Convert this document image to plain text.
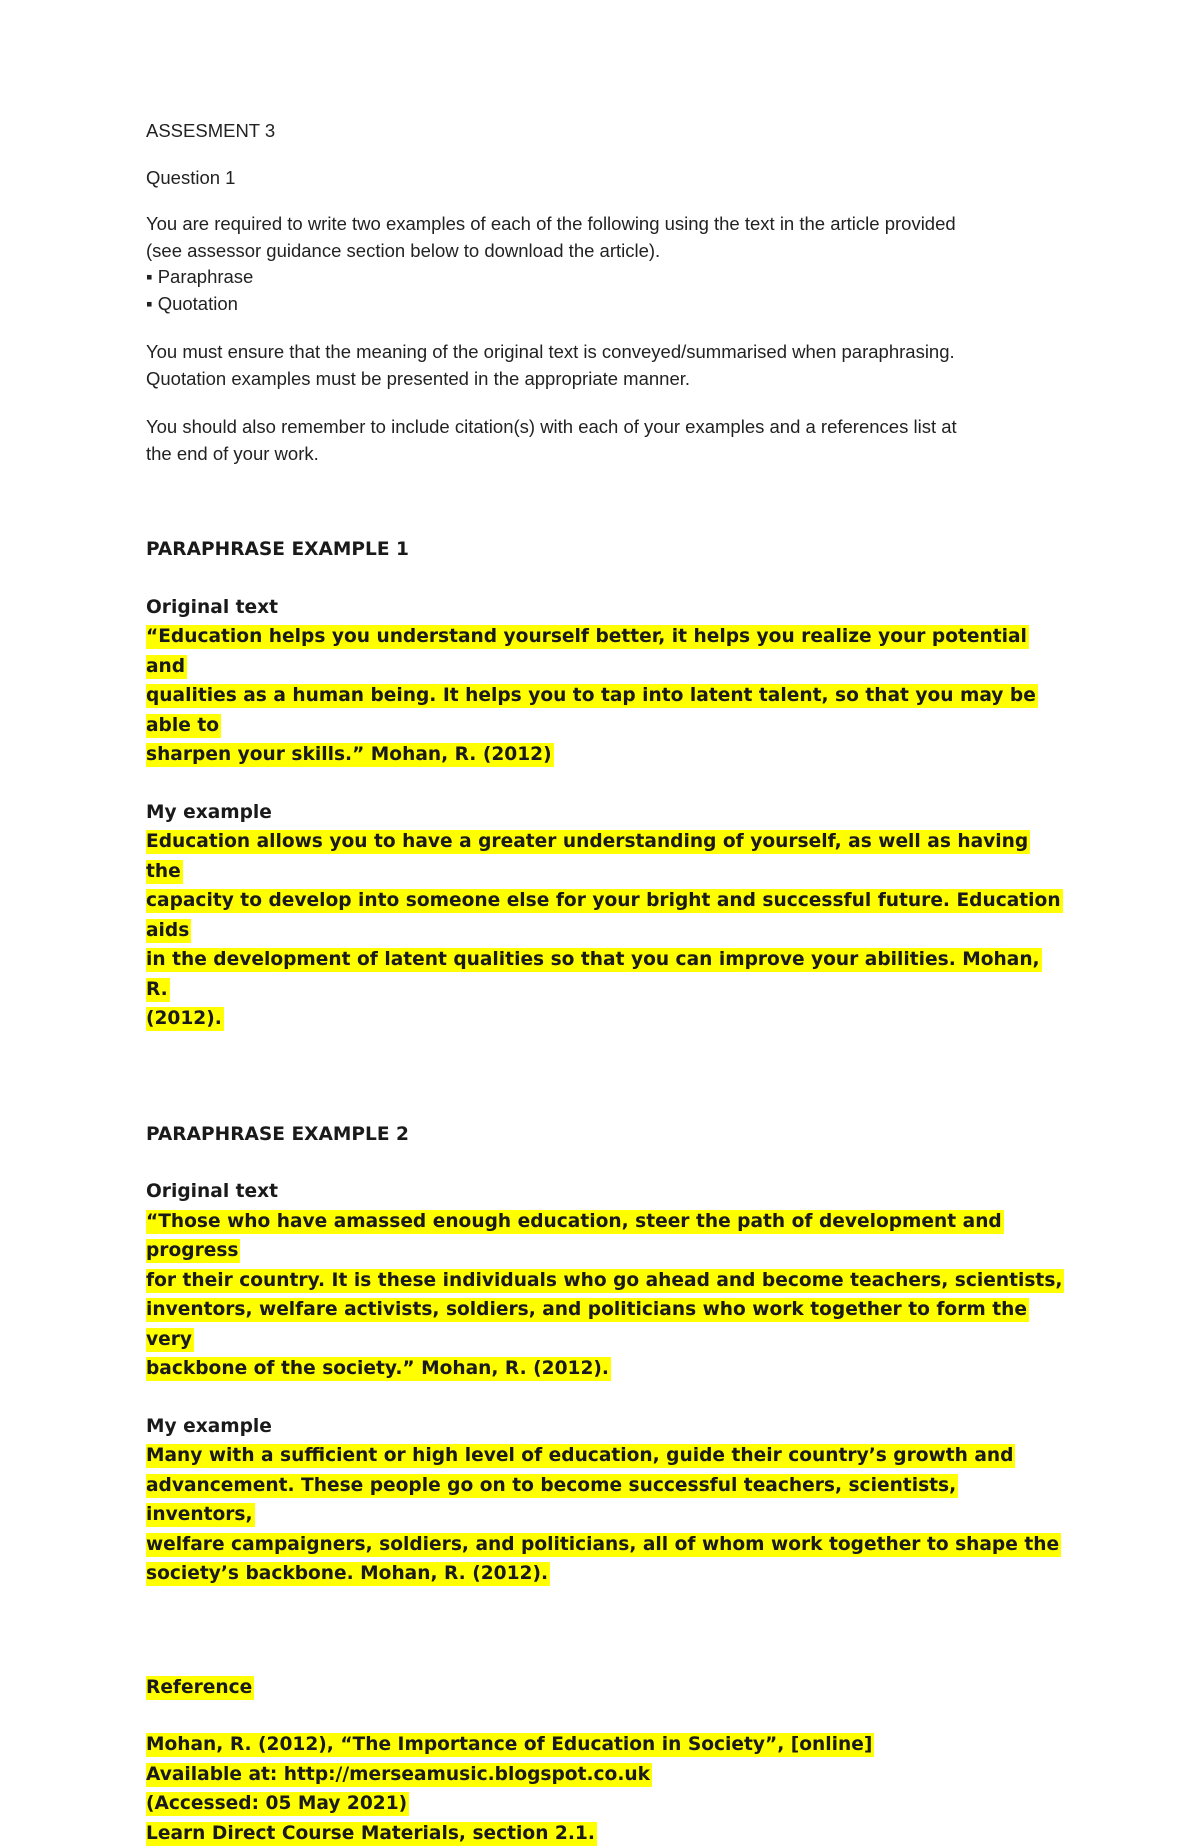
ASSESMENT 3

Question 1

You are required to write two examples of each of the following using the text in the article provided

(see assessor guidance section below to download the article).

▪ Paraphrase

▪ Quotation

You must ensure that the meaning of the original text is conveyed/summarised when paraphrasing.

Quotation examples must be presented in the appropriate manner.

You should also remember to include citation(s) with each of your examples and a references list at

the end of your work.

PARAPHRASE EXAMPLE 1

Original text

“Education helps you understand yourself better, it helps you realize your potential and
qualities as a human being. It helps you to tap into latent talent, so that you may be able to
sharpen your skills.” Mohan, R. (2012)

My example

Education allows you to have a greater understanding of yourself, as well as having the
capacity to develop into someone else for your bright and successful future. Education aids
in the development of latent qualities so that you can improve your abilities. Mohan, R.
(2012).

PARAPHRASE EXAMPLE 2

Original text

“Those who have amassed enough education, steer the path of development and progress
for their country. It is these individuals who go ahead and become teachers, scientists,
inventors, welfare activists, soldiers, and politicians who work together to form the very
backbone of the society.” Mohan, R. (2012).

My example

Many with a sufficient or high level of education, guide their country’s growth and
advancement. These people go on to become successful teachers, scientists, inventors,
welfare campaigners, soldiers, and politicians, all of whom work together to shape the
society’s backbone. Mohan, R. (2012).

Reference

Mohan, R. (2012), “The Importance of Education in Society”, [online]
Available at: http://merseamusic.blogspot.co.uk
(Accessed: 05 May 2021)
Learn Direct Course Materials, section 2.1.
